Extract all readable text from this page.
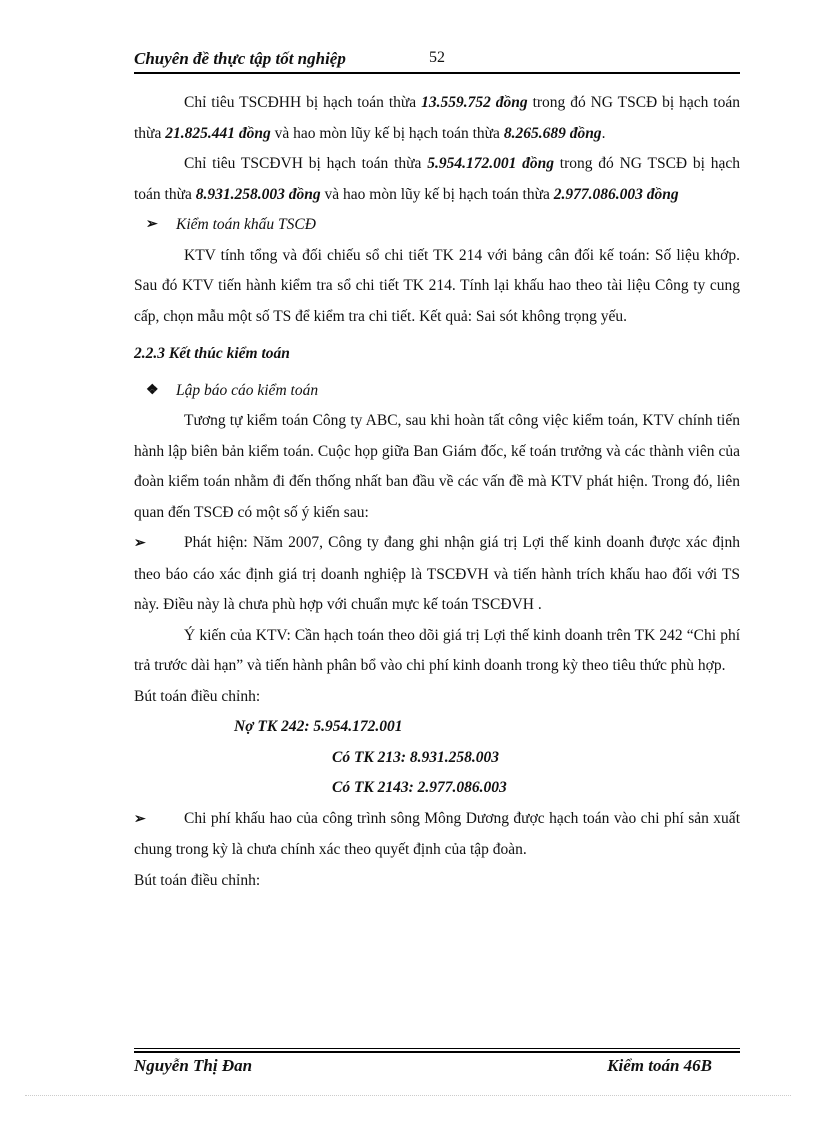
Chuyên đề thực tập tốt nghiệp	52

Chỉ tiêu TSCĐHH bị hạch toán thừa 13.559.752 đồng trong đó NG TSCĐ bị hạch toán thừa 21.825.441 đồng và hao mòn lũy kế bị hạch toán thừa 8.265.689 đồng.

Chỉ tiêu TSCĐVH bị hạch toán thừa 5.954.172.001 đồng trong đó NG TSCĐ bị hạch toán thừa 8.931.258.003 đồng và hao mòn lũy kế bị hạch toán thừa 2.977.086.003 đồng

➢ Kiểm toán khấu TSCĐ

KTV tính tổng và đối chiếu sổ chi tiết TK 214 với bảng cân đối kế toán: Số liệu khớp. Sau đó KTV tiến hành kiểm tra sổ chi tiết TK 214. Tính lại khấu hao theo tài liệu Công ty cung cấp, chọn mẫu một số TS để kiểm tra chi tiết. Kết quả: Sai sót không trọng yếu.

2.2.3 Kết thúc kiểm toán

❖ Lập báo cáo kiểm toán

Tương tự kiểm toán Công ty ABC, sau khi hoàn tất công việc kiểm toán, KTV chính tiến hành lập biên bản kiểm toán. Cuộc họp giữa Ban Giám đốc, kế toán trưởng và các thành viên của đoàn kiểm toán nhằm đi đến thống nhất ban đầu về các vấn đề mà KTV phát hiện. Trong đó, liên quan đến TSCĐ có một số ý kiến sau:

➢ Phát hiện: Năm 2007, Công ty đang ghi nhận giá trị Lợi thế kinh doanh được xác định theo báo cáo xác định giá trị doanh nghiệp là TSCĐVH và tiến hành trích khấu hao đối với TS này. Điều này là chưa phù hợp với chuẩn mực kế toán TSCĐVH .

Ý kiến của KTV: Cần hạch toán theo dõi giá trị Lợi thế kinh doanh trên TK 242 “Chi phí trả trước dài hạn” và tiến hành phân bổ vào chi phí kinh doanh trong kỳ theo tiêu thức phù hợp.

Bút toán điều chỉnh:

Nợ TK 242: 5.954.172.001

Có TK 213: 8.931.258.003

Có TK 2143: 2.977.086.003

➢ Chi phí khấu hao của công trình sông Mông Dương được hạch toán vào chi phí sản xuất chung trong kỳ là chưa chính xác theo quyết định của tập đoàn.

Bút toán điều chỉnh:

Nguyễn Thị Đan	Kiểm toán 46B
